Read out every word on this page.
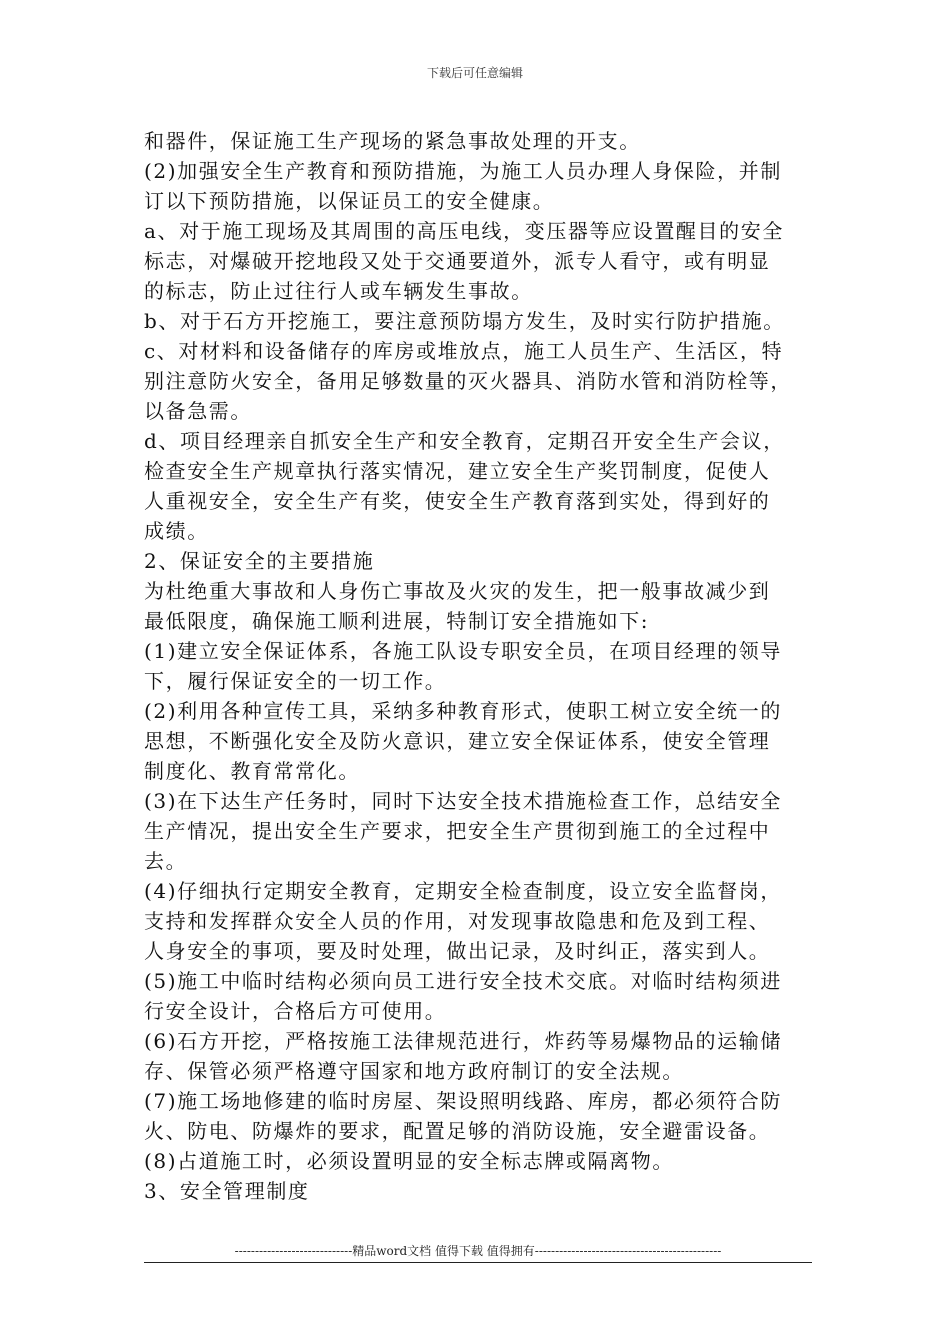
下载后可任意编辑
和器件，保证施工生产现场的紧急事故处理的开支。
(2)加强安全生产教育和预防措施，为施工人员办理人身保险，并制
订以下预防措施，以保证员工的安全健康。
a、对于施工现场及其周围的高压电线，变压器等应设置醒目的安全
标志，对爆破开挖地段又处于交通要道外，派专人看守，或有明显
的标志，防止过往行人或车辆发生事故。
b、对于石方开挖施工，要注意预防塌方发生，及时实行防护措施。
c、对材料和设备储存的库房或堆放点，施工人员生产、生活区，特
别注意防火安全，备用足够数量的灭火器具、消防水管和消防栓等，
以备急需。
d、项目经理亲自抓安全生产和安全教育，定期召开安全生产会议，
检查安全生产规章执行落实情况，建立安全生产奖罚制度，促使人
人重视安全，安全生产有奖，使安全生产教育落到实处，得到好的
成绩。
2、保证安全的主要措施
为杜绝重大事故和人身伤亡事故及火灾的发生，把一般事故减少到
最低限度，确保施工顺利进展，特制订安全措施如下:
(1)建立安全保证体系，各施工队设专职安全员，在项目经理的领导
下，履行保证安全的一切工作。
(2)利用各种宣传工具，采纳多种教育形式，使职工树立安全统一的
思想，不断强化安全及防火意识，建立安全保证体系，使安全管理
制度化、教育常常化。
(3)在下达生产任务时，同时下达安全技术措施检查工作，总结安全
生产情况，提出安全生产要求，把安全生产贯彻到施工的全过程中
去。
(4)仔细执行定期安全教育，定期安全检查制度，设立安全监督岗，
支持和发挥群众安全人员的作用，对发现事故隐患和危及到工程、
人身安全的事项，要及时处理，做出记录，及时纠正，落实到人。
(5)施工中临时结构必须向员工进行安全技术交底。对临时结构须进
行安全设计，合格后方可使用。
(6)石方开挖，严格按施工法律规范进行，炸药等易爆物品的运输储
存、保管必须严格遵守国家和地方政府制订的安全法规。
(7)施工场地修建的临时房屋、架设照明线路、库房，都必须符合防
火、防电、防爆炸的要求，配置足够的消防设施，安全避雷设备。
(8)占道施工时，必须设置明显的安全标志牌或隔离物。
3、安全管理制度
-----------------------------精品word文档 值得下载 值得拥有----------------------------------------------
